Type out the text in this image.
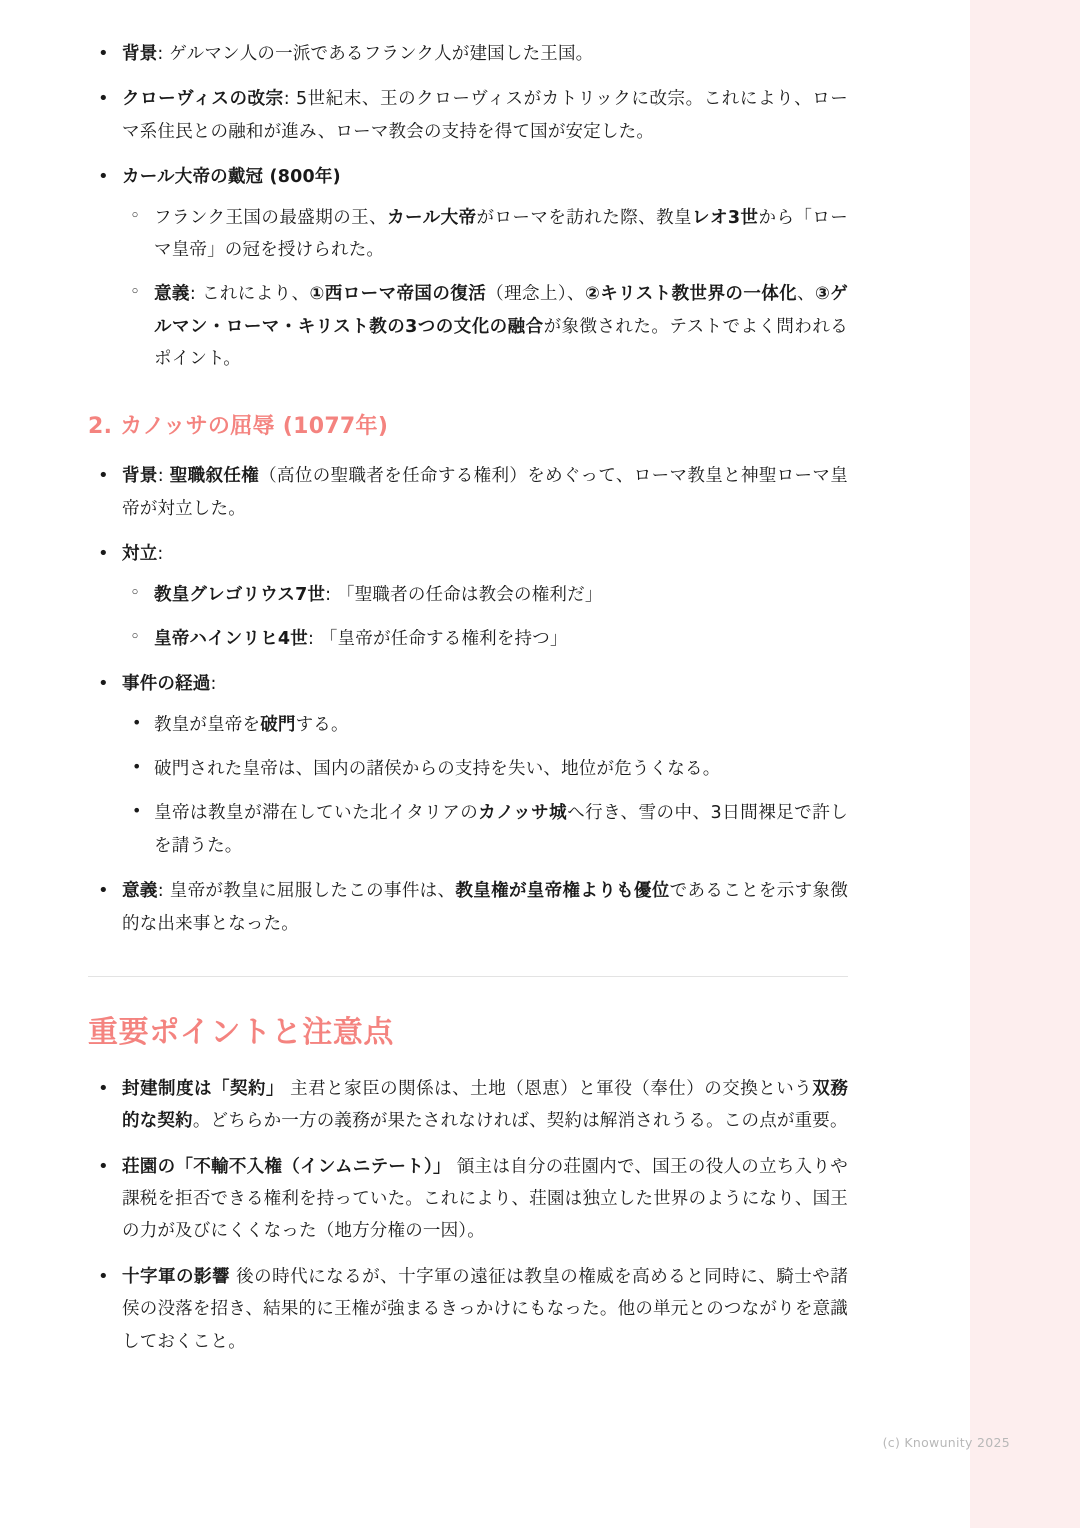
• 背景: ゲルマン人の一派であるフランク人が建国した王国。
• クローヴィスの改宗: 5世紀末、王のクローヴィスがカトリックに改宗。これにより、ローマ系住民との融和が進み、ローマ教会の支持を得て国が安定した。
• カール大帝の戴冠 (800年)
◦ フランク王国の最盛期の王、カール大帝がローマを訪れた際、教皇レオ3世から「ローマ皇帝」の冠を授けられた。
◦ 意義: これにより、①西ローマ帝国の復活（理念上）、②キリスト教世界の一体化、③ゲルマン・ローマ・キリスト教の3つの文化の融合が象徴された。テストでよく問われるポイント。
2. カノッサの屈辱 (1077年)
• 背景: 聖職叙任権（高位の聖職者を任命する権利）をめぐって、ローマ教皇と神聖ローマ皇帝が対立した。
• 対立:
◦ 教皇グレゴリウス7世: 「聖職者の任命は教会の権利だ」
◦ 皇帝ハインリヒ4世: 「皇帝が任命する権利を持つ」
• 事件の経過:
• 教皇が皇帝を破門する。
• 破門された皇帝は、国内の諸侯からの支持を失い、地位が危うくなる。
• 皇帝は教皇が滞在していた北イタリアのカノッサ城へ行き、雪の中、3日間裸足で許しを請うた。
• 意義: 皇帝が教皇に屈服したこの事件は、教皇権が皇帝権よりも優位であることを示す象徴的な出来事となった。
重要ポイントと注意点
• 封建制度は「契約」 主君と家臣の関係は、土地（恩恵）と軍役（奉仕）の交換という双務的な契約。どちらか一方の義務が果たされなければ、契約は解消されうる。この点が重要。
• 荘園の「不輸不入権（インムニテート）」 領主は自分の荘園内で、国王の役人の立ち入りや課税を拒否できる権利を持っていた。これにより、荘園は独立した世界のようになり、国王の力が及びにくくなった（地方分権の一因）。
• 十字軍の影響 後の時代になるが、十字軍の遠征は教皇の権威を高めると同時に、騎士や諸侯の没落を招き、結果的に王権が強まるきっかけにもなった。他の単元とのつながりを意識しておくこと。
(c) Knowunity 2025
